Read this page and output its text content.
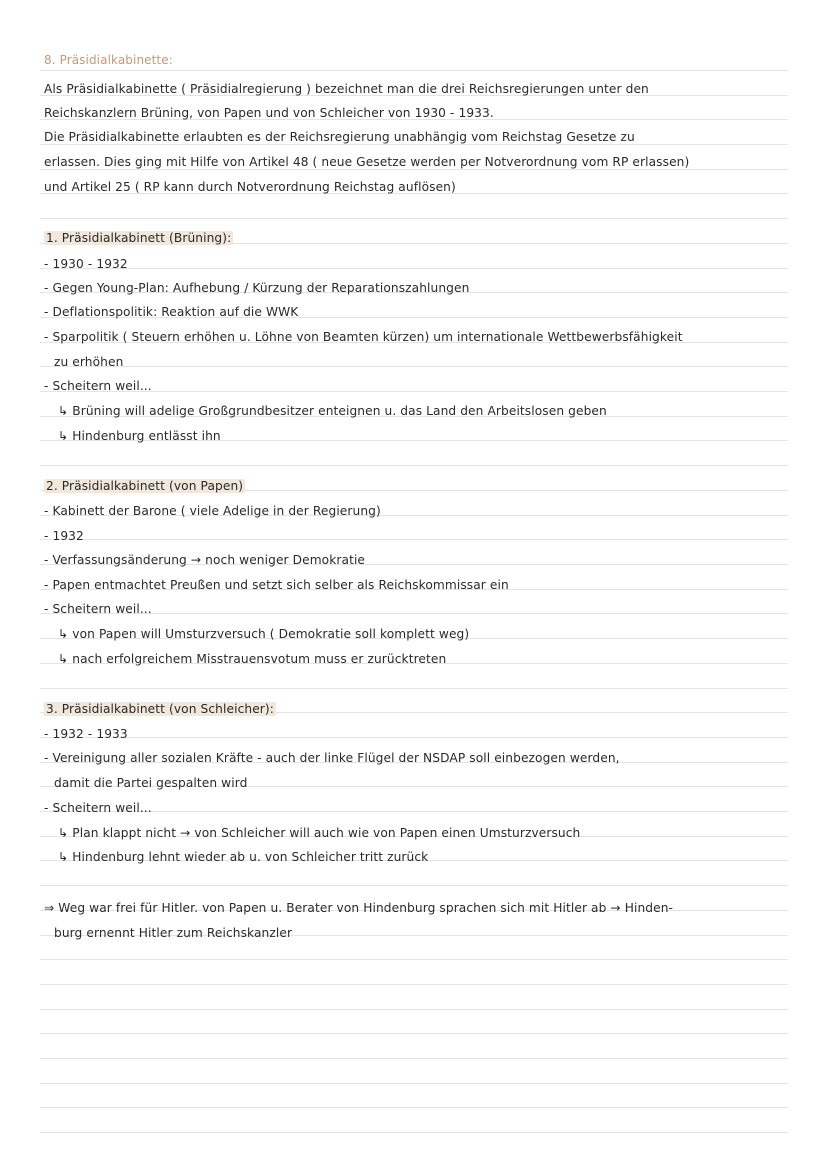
8. Präsidialkabinette:
Als Präsidialkabinette ( Präsidialregierung ) bezeichnet man die drei Reichsregierungen unter den
Reichskanzlern Brüning, von Papen und von Schleicher von 1930 - 1933.
Die Präsidialkabinette erlaubten es der Reichsregierung unabhängig vom Reichstag Gesetze zu
erlassen. Dies ging mit Hilfe von Artikel 48 ( neue Gesetze werden per Notverordnung vom RP erlassen)
und Artikel 25 ( RP kann durch Notverordnung Reichstag auflösen)
1. Präsidialkabinett (Brüning):
- 1930 - 1932
- Gegen Young-Plan: Aufhebung / Kürzung der Reparationszahlungen
- Deflationspolitik: Reaktion auf die WWK
- Sparpolitik ( Steuern erhöhen u. Löhne von Beamten kürzen) um internationale Wettbewerbsfähigkeit
zu erhöhen
- Scheitern weil...
↳ Brüning will adelige Großgrundbesitzer enteignen u. das Land den Arbeitslosen geben
↳ Hindenburg entlässt ihn
2. Präsidialkabinett (von Papen)
- Kabinett der Barone ( viele Adelige in der Regierung)
- 1932
- Verfassungsänderung → noch weniger Demokratie
- Papen entmachtet Preußen und setzt sich selber als Reichskommissar ein
- Scheitern weil...
↳ von Papen will Umsturzversuch ( Demokratie soll komplett weg)
↳ nach erfolgreichem Misstrauensvotum muss er zurücktreten
3. Präsidialkabinett (von Schleicher):
- 1932 - 1933
- Vereinigung aller sozialen Kräfte - auch der linke Flügel der NSDAP soll einbezogen werden,
damit die Partei gespalten wird
- Scheitern weil...
↳ Plan klappt nicht → von Schleicher will auch wie von Papen einen Umsturzversuch
↳ Hindenburg lehnt wieder ab u. von Schleicher tritt zurück
⇒ Weg war frei für Hitler. von Papen u. Berater von Hindenburg sprachen sich mit Hitler ab → Hinden-
burg ernennt Hitler zum Reichskanzler
